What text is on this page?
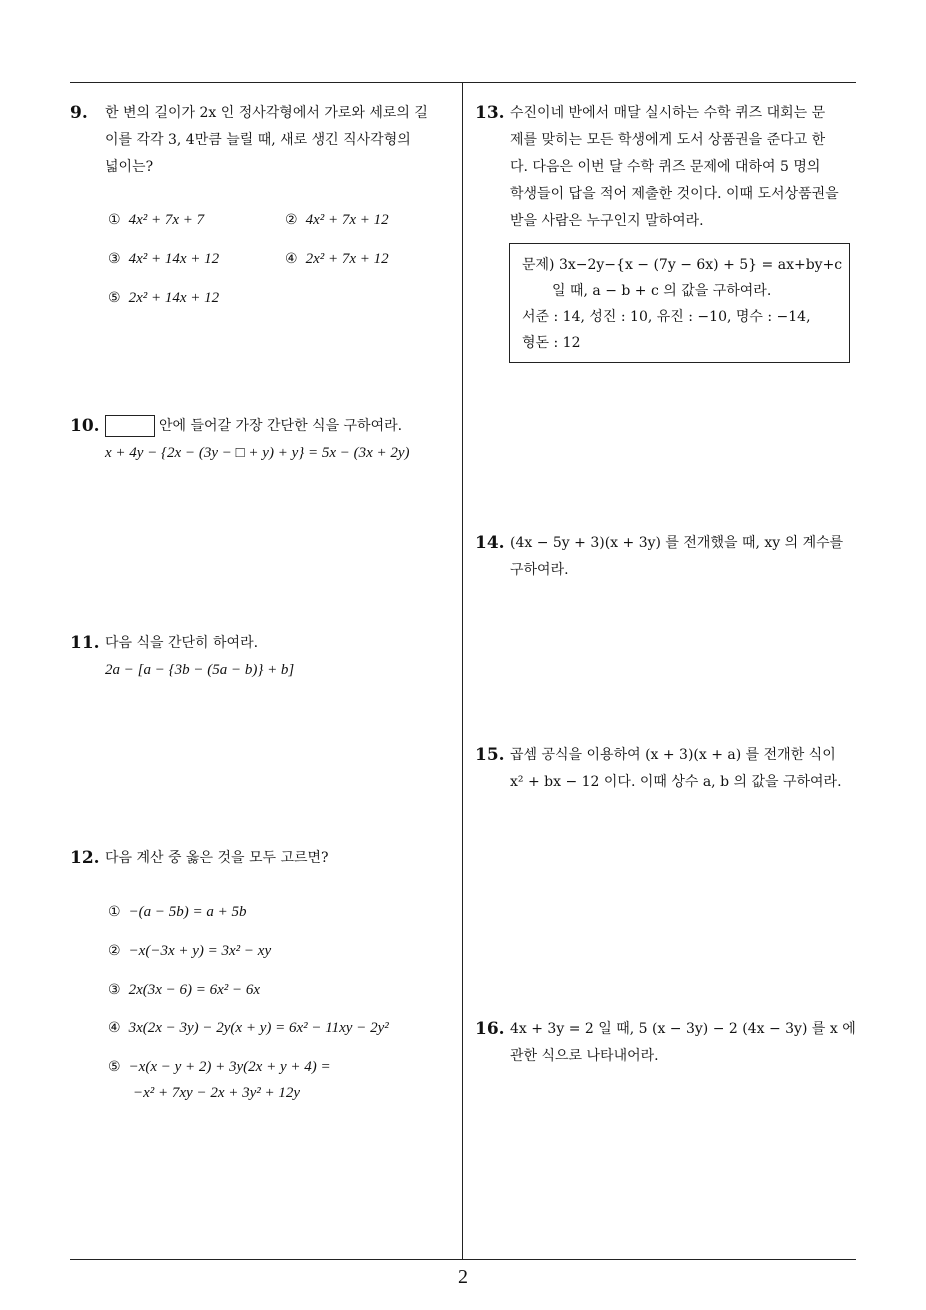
9. 한 변의 길이가 2x 인 정사각형에서 가로와 세로의 길
이를 각각 3, 4만큼 늘릴 때, 새로 생긴 직사각형의
넓이는?
① 4x² + 7x + 7	② 4x² + 7x + 12
③ 4x² + 14x + 12	④ 2x² + 7x + 12
⑤ 2x² + 14x + 12
10.	안에 들어갈 가장 간단한 식을 구하여라.
x + 4y − {2x − (3y − □ + y) + y} = 5x − (3x + 2y)
11. 다음 식을 간단히 하여라.
2a − [a − {3b − (5a − b)} + b]
12. 다음 계산 중 옳은 것을 모두 고르면?
① −(a − 5b) = a + 5b
② −x(−3x + y) = 3x² − xy
③ 2x(3x − 6) = 6x² − 6x
④ 3x(2x − 3y) − 2y(x + y) = 6x² − 11xy − 2y²
⑤ −x(x − y + 2) + 3y(2x + y + 4) =
−x² + 7xy − 2x + 3y² + 12y
13. 수진이네 반에서 매달 실시하는 수학 퀴즈 대회는 문
제를 맞히는 모든 학생에게 도서 상품권을 준다고 한
다. 다음은 이번 달 수학 퀴즈 문제에 대하여 5 명의
학생들이 답을 적어 제출한 것이다. 이때 도서상품권을
받을 사람은 누구인지 말하여라.
문제) 3x−2y−{x − (7y − 6x) + 5} = ax+by+c
일 때, a − b + c 의 값을 구하여라.
서준 : 14, 성진 : 10, 유진 : −10, 명수 : −14,
형돈 : 12
14. (4x − 5y + 3)(x + 3y) 를 전개했을 때, xy 의 계수를
구하여라.
15. 곱셈 공식을 이용하여 (x + 3)(x + a) 를 전개한 식이
x² + bx − 12 이다. 이때 상수 a, b 의 값을 구하여라.
16. 4x + 3y = 2 일 때, 5 (x − 3y) − 2 (4x − 3y) 를 x 에
관한 식으로 나타내어라.
2
